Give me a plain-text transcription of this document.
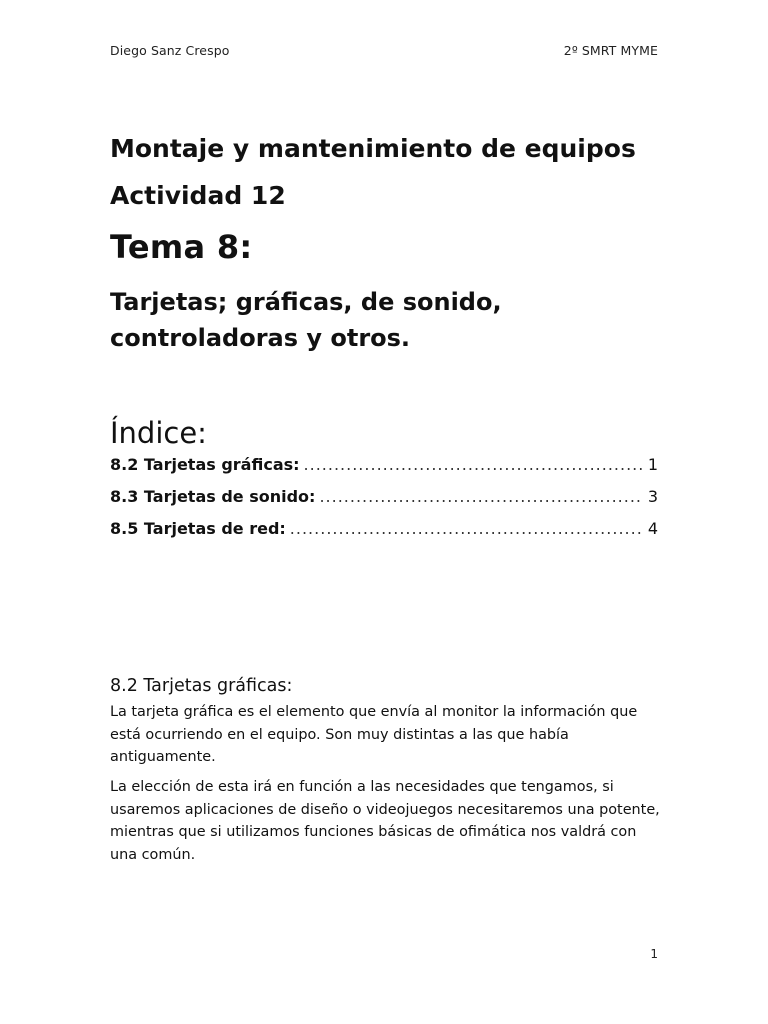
Diego Sanz Crespo	2º SMRT MYME
Montaje y mantenimiento de equipos
Actividad 12
Tema 8:
Tarjetas; gráficas, de sonido, controladoras y otros.
Índice:
8.2 Tarjetas gráficas: .....	1
8.3 Tarjetas de sonido: .....	3
8.5 Tarjetas de red: .....	4
8.2 Tarjetas gráficas:

La tarjeta gráfica es el elemento que envía al monitor la información que está ocurriendo en el equipo. Son muy distintas a las que había antiguamente.

La elección de esta irá en función a las necesidades que tengamos, si usaremos aplicaciones de diseño o videojuegos necesitaremos una potente, mientras que si utilizamos funciones básicas de ofimática nos valdrá con una común.

1
